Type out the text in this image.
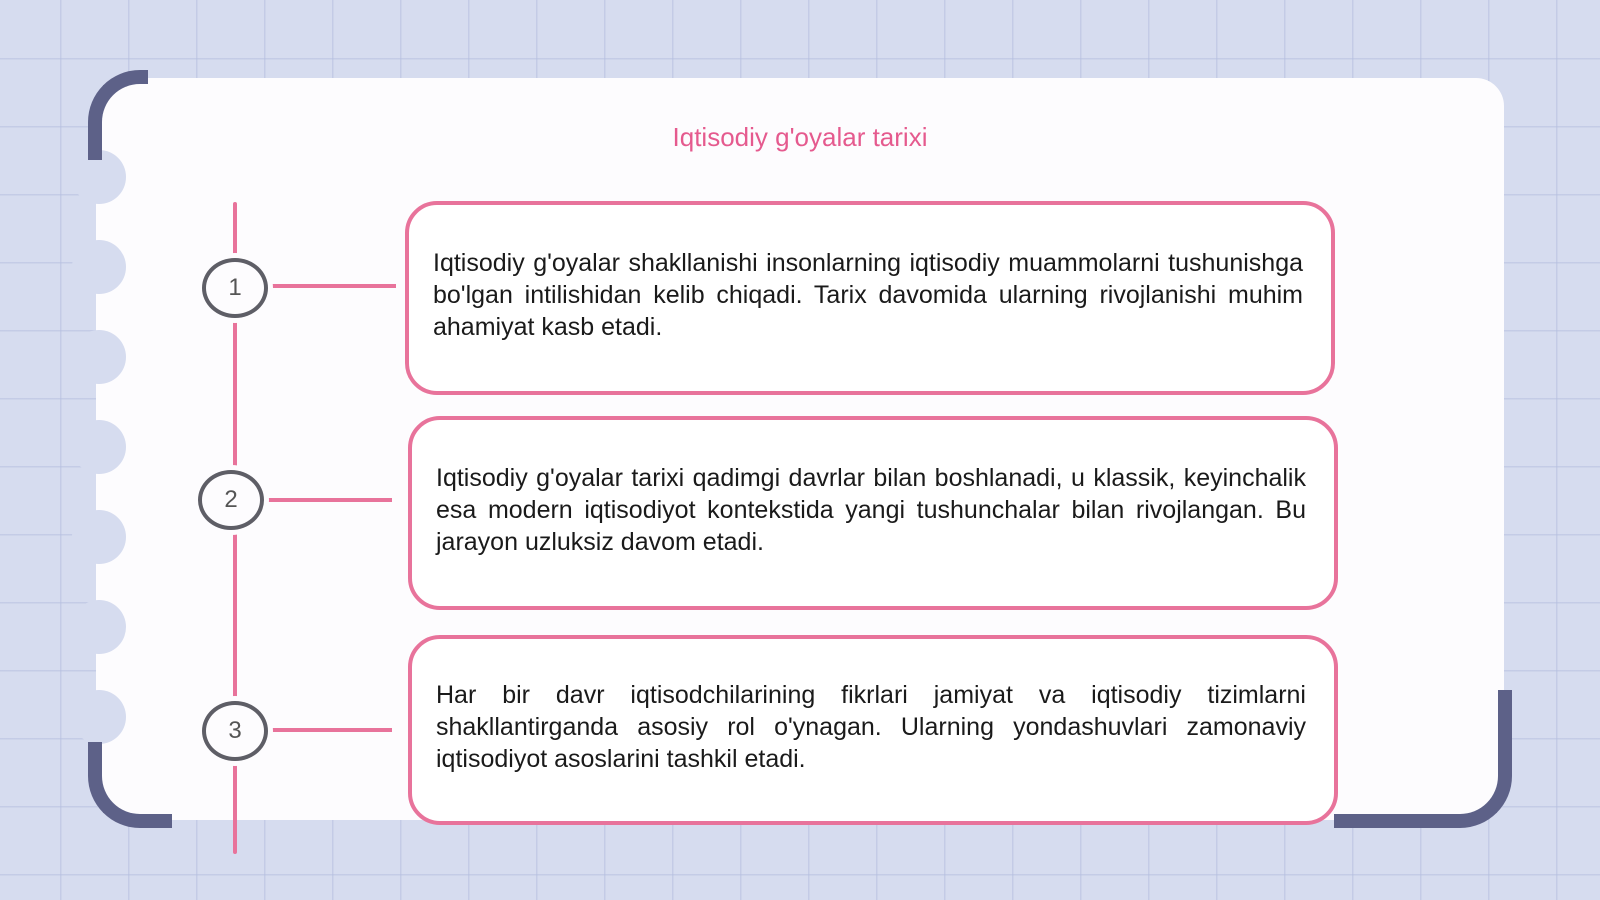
Iqtisodiy g'oyalar tarixi
1

Iqtisodiy g'oyalar shakllanishi insonlarning iqtisodiy muammolarni tushunishga bo'lgan intilishidan kelib chiqadi. Tarix davomida ularning rivojlanishi muhim ahamiyat kasb etadi.

2

Iqtisodiy g'oyalar tarixi qadimgi davrlar bilan boshlanadi, u klassik, keyinchalik esa modern iqtisodiyot kontekstida yangi tushunchalar bilan rivojlangan. Bu jarayon uzluksiz davom etadi.

3

Har bir davr iqtisodchilarining fikrlari jamiyat va iqtisodiy tizimlarni shakllantirganda asosiy rol o'ynagan. Ularning yondashuvlari zamonaviy iqtisodiyot asoslarini tashkil etadi.
